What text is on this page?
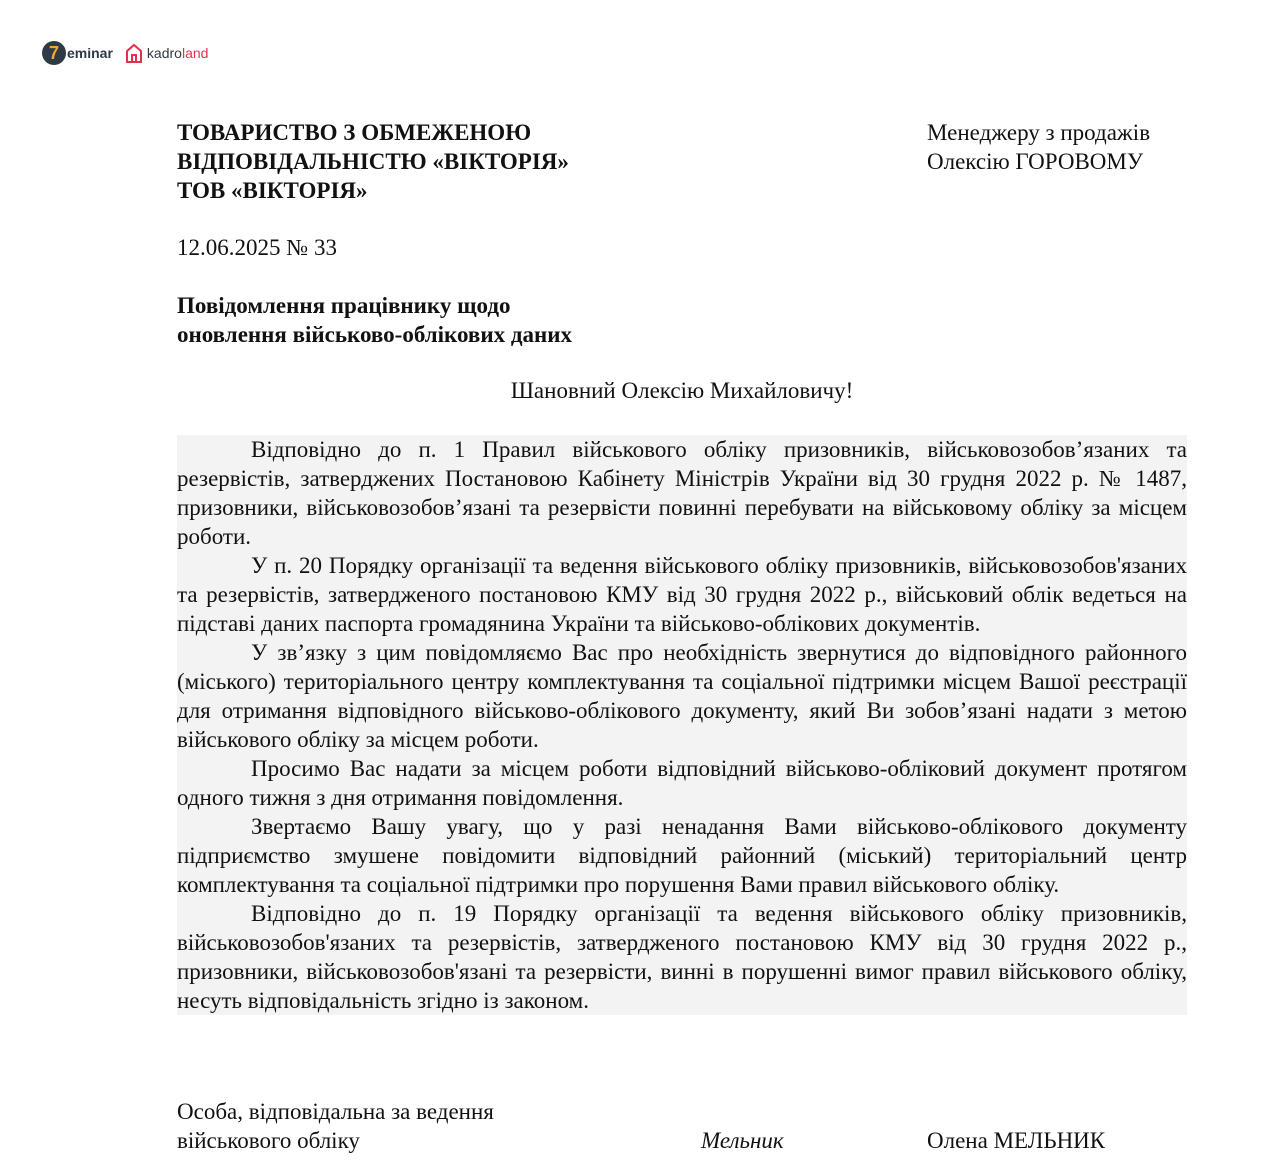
7 eminar kadroland
ТОВАРИСТВО З ОБМЕЖЕНОЮ
ВІДПОВІДАЛЬНІСТЮ «ВІКТОРІЯ»
ТОВ «ВІКТОРІЯ»
Менеджеру з продажів
Олексію ГОРОВОМУ
12.06.2025 № 33
Повідомлення працівнику щодо
оновлення військово-облікових даних
Шановний Олексію Михайловичу!

Відповідно до п. 1 Правил військового обліку призовників, військовозобов’язаних та резервістів, затверджених Постановою Кабінету Міністрів України від 30 грудня 2022 р. № 1487, призовники, військовозобов’язані та резервісти повинні перебувати на військовому обліку за місцем роботи.

У п. 20 Порядку організації та ведення військового обліку призовників, військовозобов'язаних та резервістів, затвердженого постановою КМУ від 30 грудня 2022 р., військовий облік ведеться на підставі даних паспорта громадянина України та військово-облікових документів.

У зв’язку з цим повідомляємо Вас про необхідність звернутися до відповідного районного (міського) територіального центру комплектування та соціальної підтримки місцем Вашої реєстрації для отримання відповідного військово-облікового документу, який Ви зобов’язані надати з метою військового обліку за місцем роботи.

Просимо Вас надати за місцем роботи відповідний військово-обліковий документ протягом одного тижня з дня отримання повідомлення.

Звертаємо Вашу увагу, що у разі ненадання Вами військово-облікового документу підприємство змушене повідомити відповідний районний (міський) територіальний центр комплектування та соціальної підтримки про порушення Вами правил військового обліку.

Відповідно до п. 19 Порядку організації та ведення військового обліку призовників, військовозобов'язаних та резервістів, затвердженого постановою КМУ від 30 грудня 2022 р., призовники, військовозобов'язані та резервісти, винні в порушенні вимог правил військового обліку, несуть відповідальність згідно із законом.

Особа, відповідальна за ведення
військового обліку	Мельник	Олена МЕЛЬНИК
